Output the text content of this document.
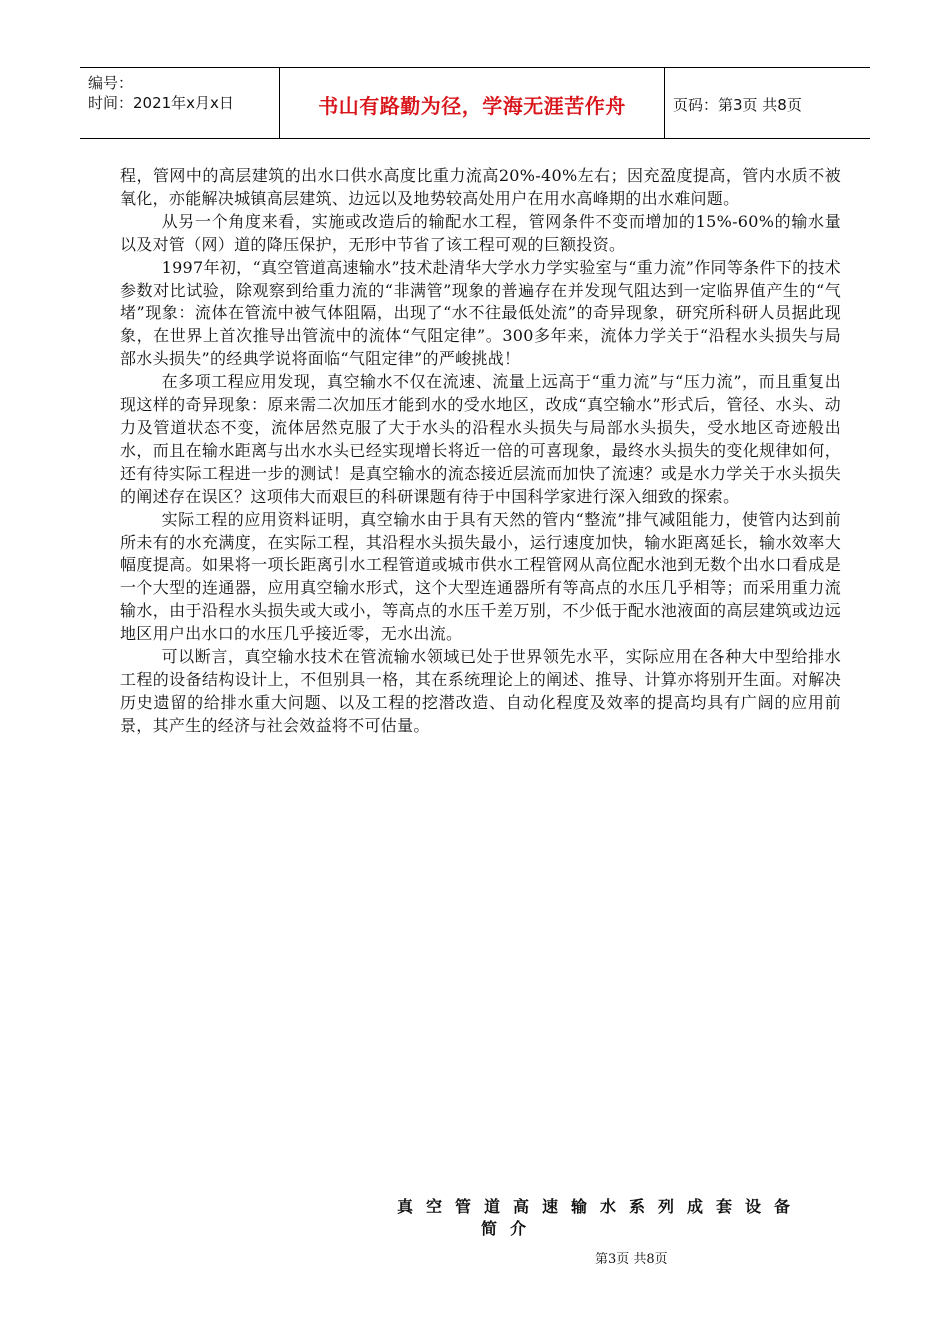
编号：
时间：2021年x月x日	书山有路勤为径，学海无涯苦作舟	页码：第3页 共8页

程，管网中的高层建筑的出水口供水高度比重力流高20%-40%左右；因充盈度提高，管内水质不被氧化，亦能解决城镇高层建筑、边远以及地势较高处用户在用水高峰期的出水难问题。

从另一个角度来看，实施或改造后的输配水工程，管网条件不变而增加的15%-60%的输水量以及对管（网）道的降压保护，无形中节省了该工程可观的巨额投资。

1997年初，“真空管道高速输水”技术赴清华大学水力学实验室与“重力流”作同等条件下的技术参数对比试验，除观察到给重力流的“非满管”现象的普遍存在并发现气阻达到一定临界值产生的“气堵”现象：流体在管流中被气体阻隔，出现了“水不往最低处流”的奇异现象，研究所科研人员据此现象，在世界上首次推导出管流中的流体“气阻定律”。300多年来，流体力学关于“沿程水头损失与局部水头损失”的经典学说将面临“气阻定律”的严峻挑战！

在多项工程应用发现，真空输水不仅在流速、流量上远高于“重力流”与“压力流”，而且重复出现这样的奇异现象：原来需二次加压才能到水的受水地区，改成“真空输水”形式后，管径、水头、动力及管道状态不变，流体居然克服了大于水头的沿程水头损失与局部水头损失，受水地区奇迹般出水，而且在输水距离与出水水头已经实现增长将近一倍的可喜现象，最终水头损失的变化规律如何，还有待实际工程进一步的测试！是真空输水的流态接近层流而加快了流速？或是水力学关于水头损失的阐述存在误区？这项伟大而艰巨的科研课题有待于中国科学家进行深入细致的探索。

实际工程的应用资料证明，真空输水由于具有天然的管内“整流”排气减阻能力，使管内达到前所未有的水充满度，在实际工程，其沿程水头损失最小，运行速度加快，输水距离延长，输水效率大幅度提高。如果将一项长距离引水工程管道或城市供水工程管网从高位配水池到无数个出水口看成是一个大型的连通器，应用真空输水形式，这个大型连通器所有等高点的水压几乎相等；而采用重力流输水，由于沿程水头损失或大或小，等高点的水压千差万别，不少低于配水池液面的高层建筑或边远地区用户出水口的水压几乎接近零，无水出流。

可以断言，真空输水技术在管流输水领域已处于世界领先水平，实际应用在各种大中型给排水工程的设备结构设计上，不但别具一格，其在系统理论上的阐述、推导、计算亦将别开生面。对解决历史遗留的给排水重大问题、以及工程的挖潜改造、自动化程度及效率的提高均具有广阔的应用前景，其产生的经济与社会效益将不可估量。

真空管道高速输水系列成套设备
简介
第3页 共8页
